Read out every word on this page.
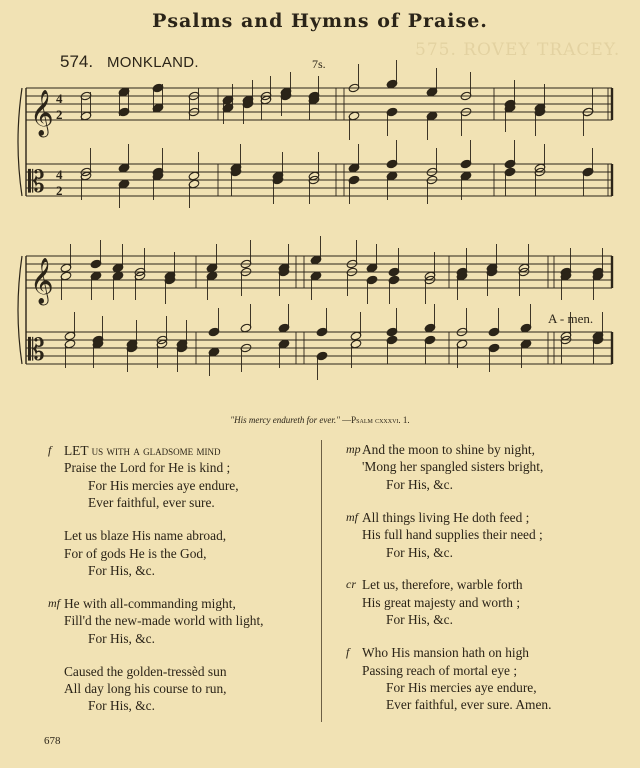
575. ROVEY TRACEY.
Psalms and Hymns of Praise.
574. MONKLAND.	7s.
𝄞 4
2
𝄡 4
2
𝄞
𝄡
A - men.
"His mercy endureth for ever." —Psalm cxxxvi. 1.
f LET us with a gladsome mind
Praise the Lord for He is kind ;
For His mercies aye endure,
Ever faithful, ever sure.
Let us blaze His name abroad,
For of gods He is the God,
For His, &c.
mf He with all-commanding might,
Fill'd the new-made world with light,
For His, &c.
Caused the golden-tressèd sun
All day long his course to run,
For His, &c.
mp And the moon to shine by night,
'Mong her spangled sisters bright,
For His, &c.
mf All things living He doth feed ;
His full hand supplies their need ;
For His, &c.
cr Let us, therefore, warble forth
His great majesty and worth ;
For His, &c.
f Who His mansion hath on high
Passing reach of mortal eye ;
For His mercies aye endure,
Ever faithful, ever sure. Amen.
678
